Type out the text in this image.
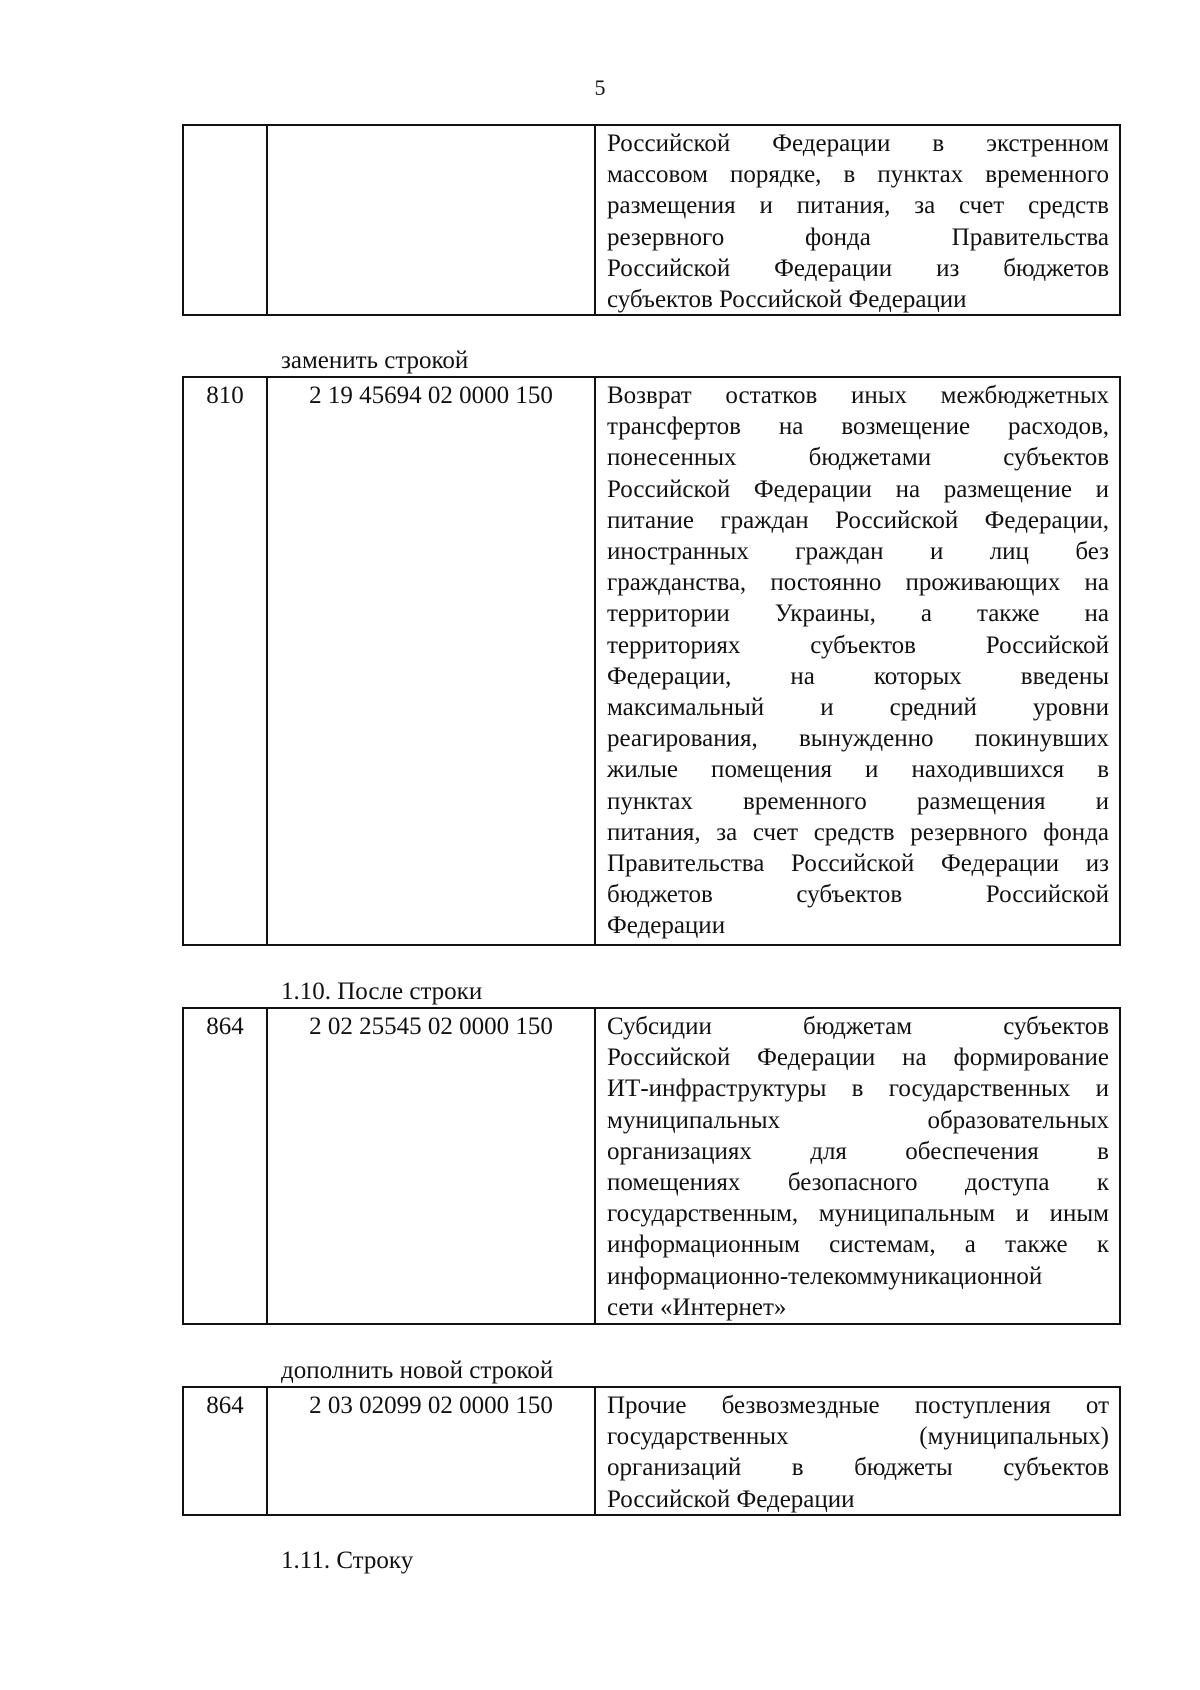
5
Российской Федерации в экстренном
массовом порядке, в пунктах временного
размещения и питания, за счет средств
резервного фонда Правительства
Российской Федерации из бюджетов
субъектов Российской Федерации
заменить строкой
810	2 19 45694 02 0000 150	Возврат остатков иных межбюджетных
трансфертов на возмещение расходов,
понесенных бюджетами субъектов
Российской Федерации на размещение и
питание граждан Российской Федерации,
иностранных граждан и лиц без
гражданства, постоянно проживающих на
территории Украины, а также на
территориях субъектов Российской
Федерации, на которых введены
максимальный и средний уровни
реагирования, вынужденно покинувших
жилые помещения и находившихся в
пунктах временного размещения и
питания, за счет средств резервного фонда
Правительства Российской Федерации из
бюджетов субъектов Российской
Федерации
1.10. После строки
864	2 02 25545 02 0000 150	Субсидии бюджетам субъектов
Российской Федерации на формирование
ИТ-инфраструктуры в государственных и
муниципальных образовательных
организациях для обеспечения в
помещениях безопасного доступа к
государственным, муниципальным и иным
информационным системам, а также к
информационно-телекоммуникационной
сети «Интернет»
дополнить новой строкой
864	2 03 02099 02 0000 150	Прочие безвозмездные поступления от
государственных (муниципальных)
организаций в бюджеты субъектов
Российской Федерации
1.11. Строку
